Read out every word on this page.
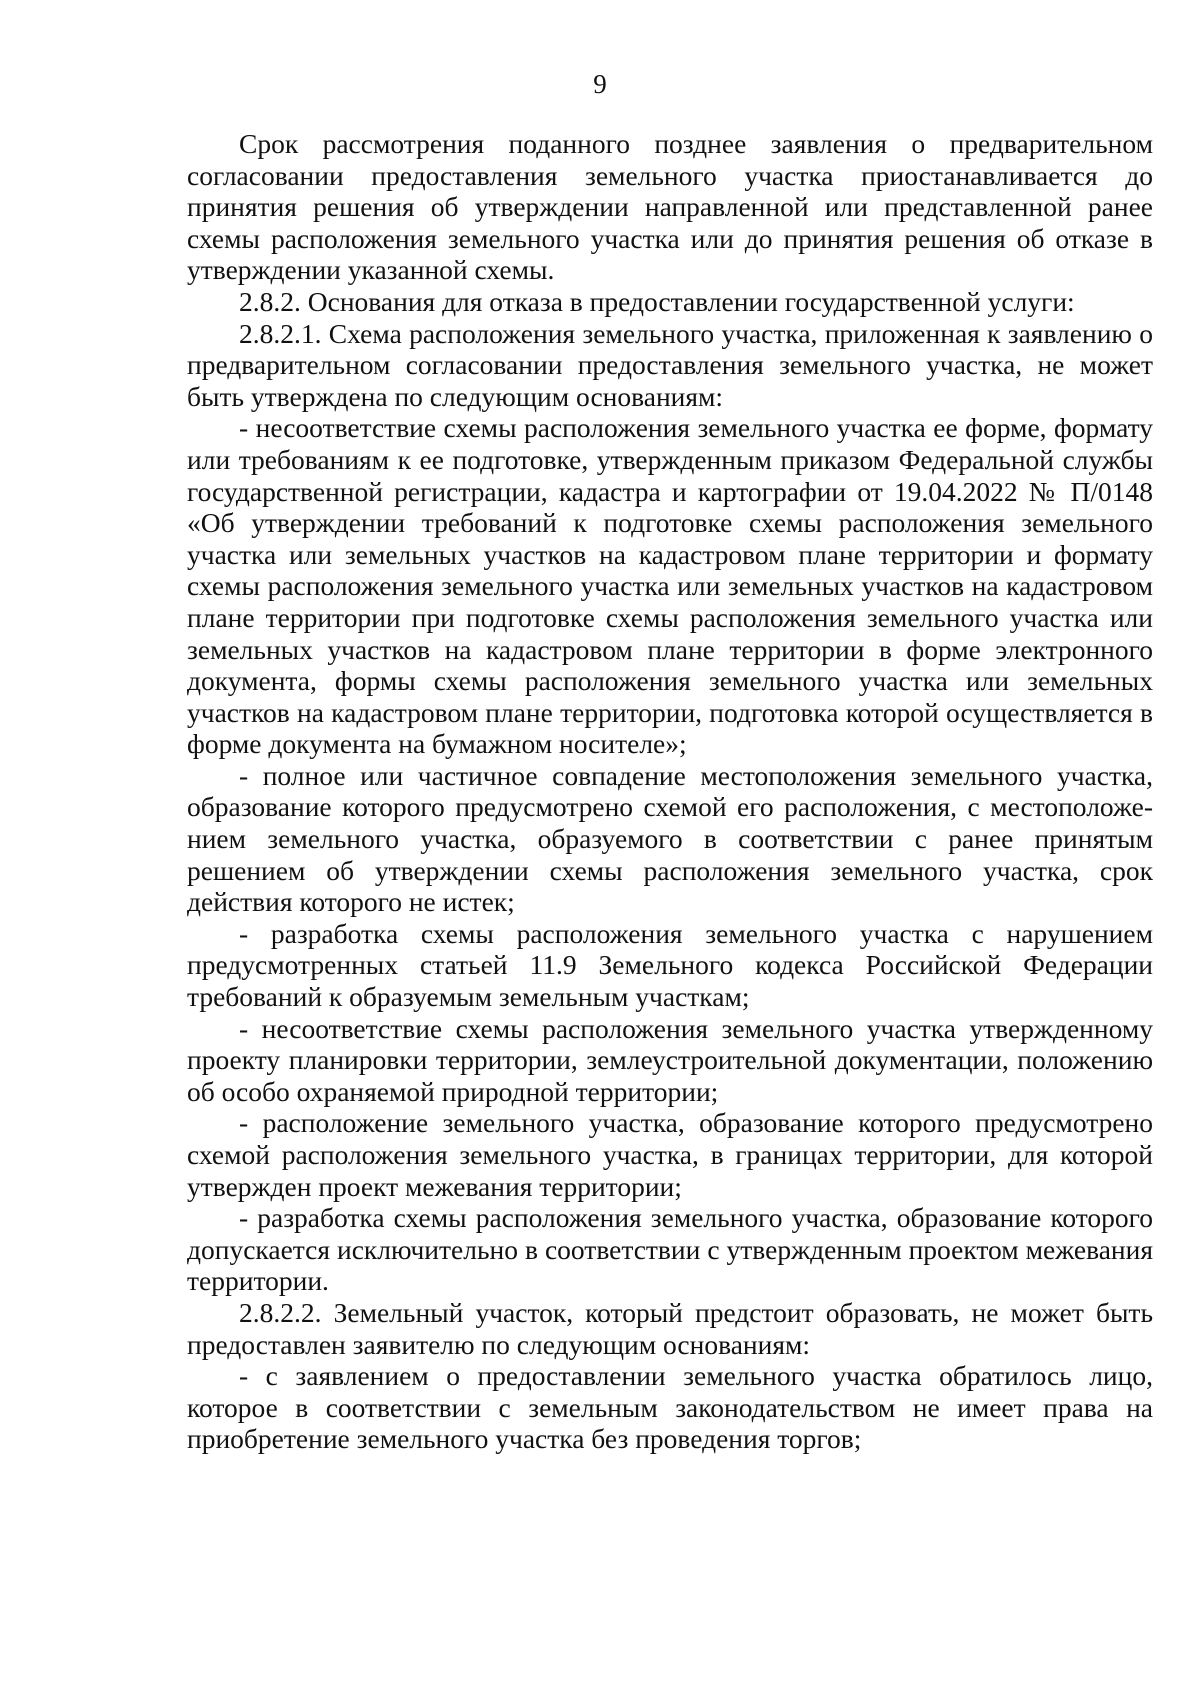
9

Срок рассмотрения поданного позднее заявления о предварительном согласовании предоставления земельного участка приостанавливается до принятия решения об утверждении направленной или представленной ранее схемы расположения земельного участка или до принятия решения об отказе в утверждении указанной схемы.

2.8.2. Основания для отказа в предоставлении государственной услуги:

2.8.2.1. Схема расположения земельного участка, приложенная к заявлению о предварительном согласовании предоставления земельного участка, не может быть утверждена по следующим основаниям:

- несоответствие схемы расположения земельного участка ее форме, формату или требованиям к ее подготовке, утвержденным приказом Федеральной службы государственной регистрации, кадастра и картографии от 19.04.2022 № П/0148 «Об утверждении требований к подготовке схемы расположения земельного участка или земельных участков на кадастровом плане территории и формату схемы расположения земельного участка или земельных участков на кадастровом плане территории при подготовке схемы расположения земельного участка или земельных участков на кадастровом плане территории в форме электронного документа, формы схемы расположения земельного участка или земельных участков на кадастровом плане территории, подготовка которой осуществляется в форме документа на бумажном носителе»;

- полное или частичное совпадение местоположения земельного участка, образование которого предусмотрено схемой его расположения, с местоположением земельного участка, образуемого в соответствии с ранее принятым решением об утверждении схемы расположения земельного участка, срок действия которого не истек;

- разработка схемы расположения земельного участка с нарушением предусмотренных статьей 11.9 Земельного кодекса Российской Федерации требований к образуемым земельным участкам;

- несоответствие схемы расположения земельного участка утвержденному проекту планировки территории, землеустроительной документации, положению об особо охраняемой природной территории;

- расположение земельного участка, образование которого предусмотрено схемой расположения земельного участка, в границах территории, для которой утвержден проект межевания территории;

- разработка схемы расположения земельного участка, образование которого допускается исключительно в соответствии с утвержденным проектом межевания территории.

2.8.2.2. Земельный участок, который предстоит образовать, не может быть предоставлен заявителю по следующим основаниям:

- с заявлением о предоставлении земельного участка обратилось лицо, которое в соответствии с земельным законодательством не имеет права на приобретение земельного участка без проведения торгов;
